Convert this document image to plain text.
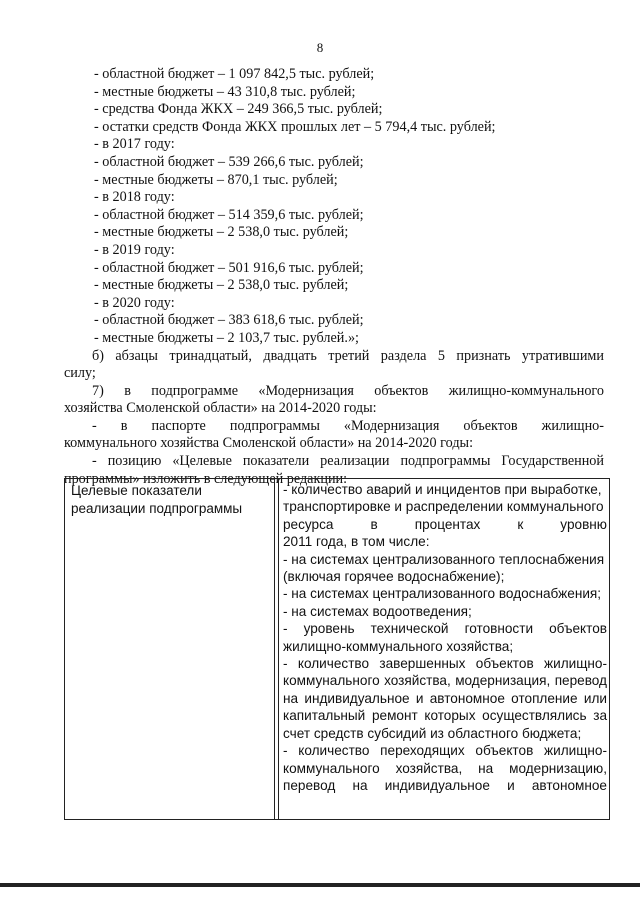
8
- областной бюджет – 1 097 842,5 тыс. рублей;
- местные бюджеты – 43 310,8 тыс. рублей;
- средства Фонда ЖКХ – 249 366,5 тыс. рублей;
- остатки средств Фонда ЖКХ прошлых лет – 5 794,4 тыс. рублей;
- в 2017 году:
- областной бюджет – 539 266,6 тыс. рублей;
- местные бюджеты – 870,1 тыс. рублей;
- в 2018 году:
- областной бюджет – 514 359,6 тыс. рублей;
- местные бюджеты – 2 538,0 тыс. рублей;
- в 2019 году:
- областной бюджет – 501 916,6 тыс. рублей;
- местные бюджеты – 2 538,0 тыс. рублей;
- в 2020 году:
- областной бюджет – 383 618,6 тыс. рублей;
- местные бюджеты – 2 103,7 тыс. рублей.»;
б) абзацы тринадцатый, двадцать третий раздела 5 признать утратившими
силу;
7) в подпрограмме «Модернизация объектов жилищно-коммунального
хозяйства Смоленской области» на 2014-2020 годы:
- в паспорте подпрограммы «Модернизация объектов жилищно-
коммунального хозяйства Смоленской области» на 2014-2020 годы:
- позицию «Целевые показатели реализации подпрограммы Государственной
программы» изложить в следующей редакции:
Целевые показатели
реализации подпрограммы
- количество аварий и инцидентов при выработке,
транспортировке и распределении коммунального
ресурса в процентах к уровню
2011 года, в том числе:
- на системах централизованного теплоснабжения
(включая горячее водоснабжение);
- на системах централизованного водоснабжения;
- на системах водоотведения;
- уровень технической готовности объектов
жилищно-коммунального хозяйства;
- количество завершенных объектов жилищно-
коммунального хозяйства, модернизация, перевод
на индивидуальное и автономное отопление или
капитальный ремонт которых осуществлялись за
счет средств субсидий из областного бюджета;
- количество переходящих объектов жилищно-
коммунального хозяйства, на модернизацию,
перевод на индивидуальное и автономное
